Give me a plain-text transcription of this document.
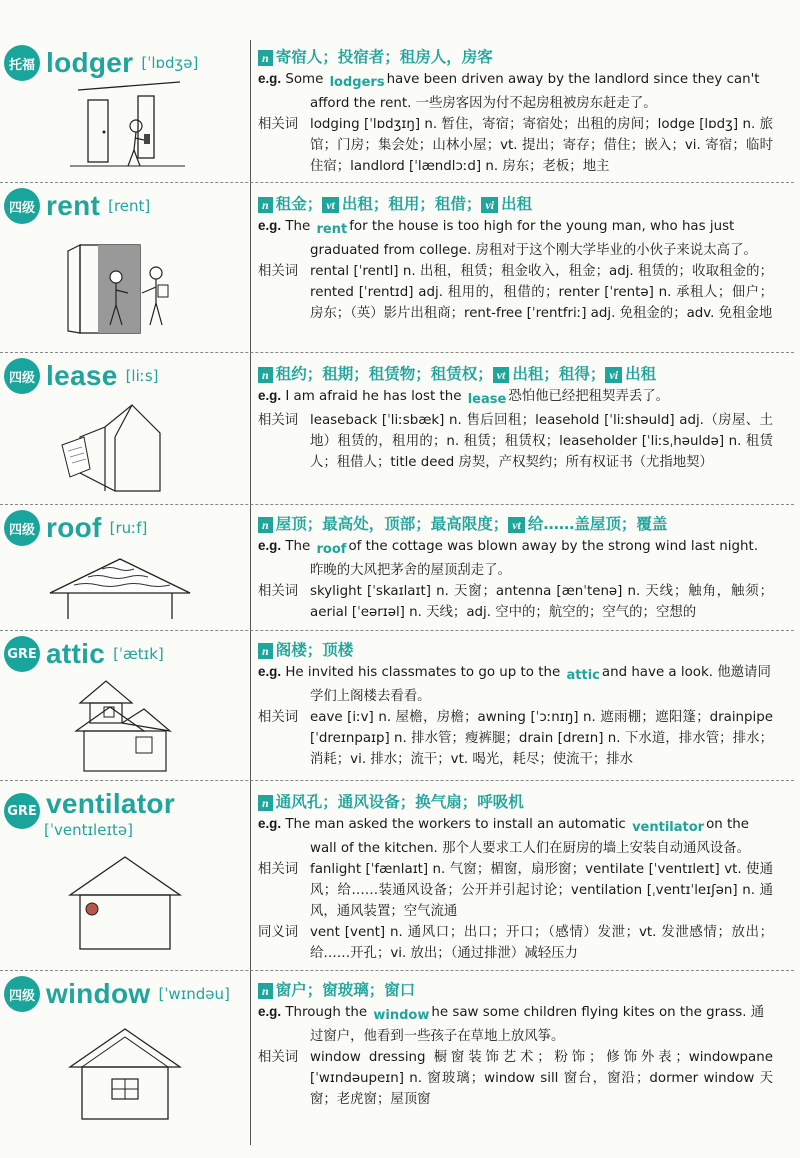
托福 lodger [ˈlɒdʒə]	n 寄宿人；投宿者；租房人，房客
e.g. Some lodgers have been driven away by the landlord since they can't afford the rent. 一些房客因为付不起房租被房东赶走了。
相关词 lodging [ˈlɒdʒɪŋ] n. 暂住，寄宿；寄宿处；出租的房间；lodge [lɒdʒ] n. 旅馆；门房；集会处；山林小屋；vt. 提出；寄存；借住；嵌入；vi. 寄宿；临时住宿；landlord [ˈlændlɔːd] n. 房东；老板；地主
四级 rent [rent]	n 租金； vt 出租；租用；租借； vi 出租
e.g. The rent for the house is too high for the young man, who has just graduated from college. 房租对于这个刚大学毕业的小伙子来说太高了。
相关词 rental [ˈrentl] n. 出租，租赁；租金收入，租金；adj. 租赁的；收取租金的；rented [ˈrentɪd] adj. 租用的，租借的；renter [ˈrentə] n. 承租人；佃户；房东；（英）影片出租商；rent-free [ˈrentfriː] adj. 免租金的；adv. 免租金地
四级 lease [liːs]	n 租约；租期；租赁物；租赁权； vt 出租；租得； vi 出租
e.g. I am afraid he has lost the lease 恐怕他已经把租契弄丢了。
相关词 leaseback [ˈliːsbæk] n. 售后回租；leasehold [ˈliːshəuld] adj.（房屋、土地）租赁的，租用的；n. 租赁；租赁权；leaseholder [ˈliːsˌhəuldə] n. 租赁人；租借人；title deed 房契，产权契约；所有权证书（尤指地契）
四级 roof [ruːf]	n 屋顶；最高处，顶部；最高限度； vt 给……盖屋顶；覆盖
e.g. The roof of the cottage was blown away by the strong wind last night. 昨晚的大风把茅舍的屋顶刮走了。
相关词 skylight [ˈskaɪlaɪt] n. 天窗；antenna [ænˈtenə] n. 天线；触角，触须；aerial [ˈeərɪəl] n. 天线；adj. 空中的；航空的；空气的；空想的
GRE attic [ˈætɪk]	n 阁楼；顶楼
e.g. He invited his classmates to go up to the attic and have a look. 他邀请同学们上阁楼去看看。
相关词 eave [iːv] n. 屋檐，房檐；awning [ˈɔːnɪŋ] n. 遮雨棚；遮阳篷；drainpipe [ˈdreɪnpaɪp] n. 排水管；瘦裤腿；drain [dreɪn] n. 下水道，排水管；排水；消耗；vi. 排水；流干；vt. 喝光，耗尽；使流干；排水
GRE ventilator
[ˈventɪleɪtə]
n 通风孔；通风设备；换气扇；呼吸机
e.g. The man asked the workers to install an automatic ventilator on the wall of the kitchen. 那个人要求工人们在厨房的墙上安装自动通风设备。
相关词 fanlight [ˈfænlaɪt] n. 气窗；楣窗，扇形窗；ventilate [ˈventɪleɪt] vt. 使通风；给……装通风设备；公开并引起讨论；ventilation [ˌventɪˈleɪʃən] n. 通风，通风装置；空气流通
同义词 vent [vent] n. 通风口；出口；开口；（感情）发泄；vt. 发泄感情；放出；给……开孔；vi. 放出；（通过排泄）减轻压力
四级 window [ˈwɪndəu]	n 窗户；窗玻璃；窗口
e.g. Through the window he saw some children flying kites on the grass. 通过窗户，他看到一些孩子在草地上放风筝。
相关词 window dressing 橱窗装饰艺术；粉饰；修饰外表；windowpane [ˈwɪndəupeɪn] n. 窗玻璃；window sill 窗台，窗沿；dormer window 天窗；老虎窗；屋顶窗
